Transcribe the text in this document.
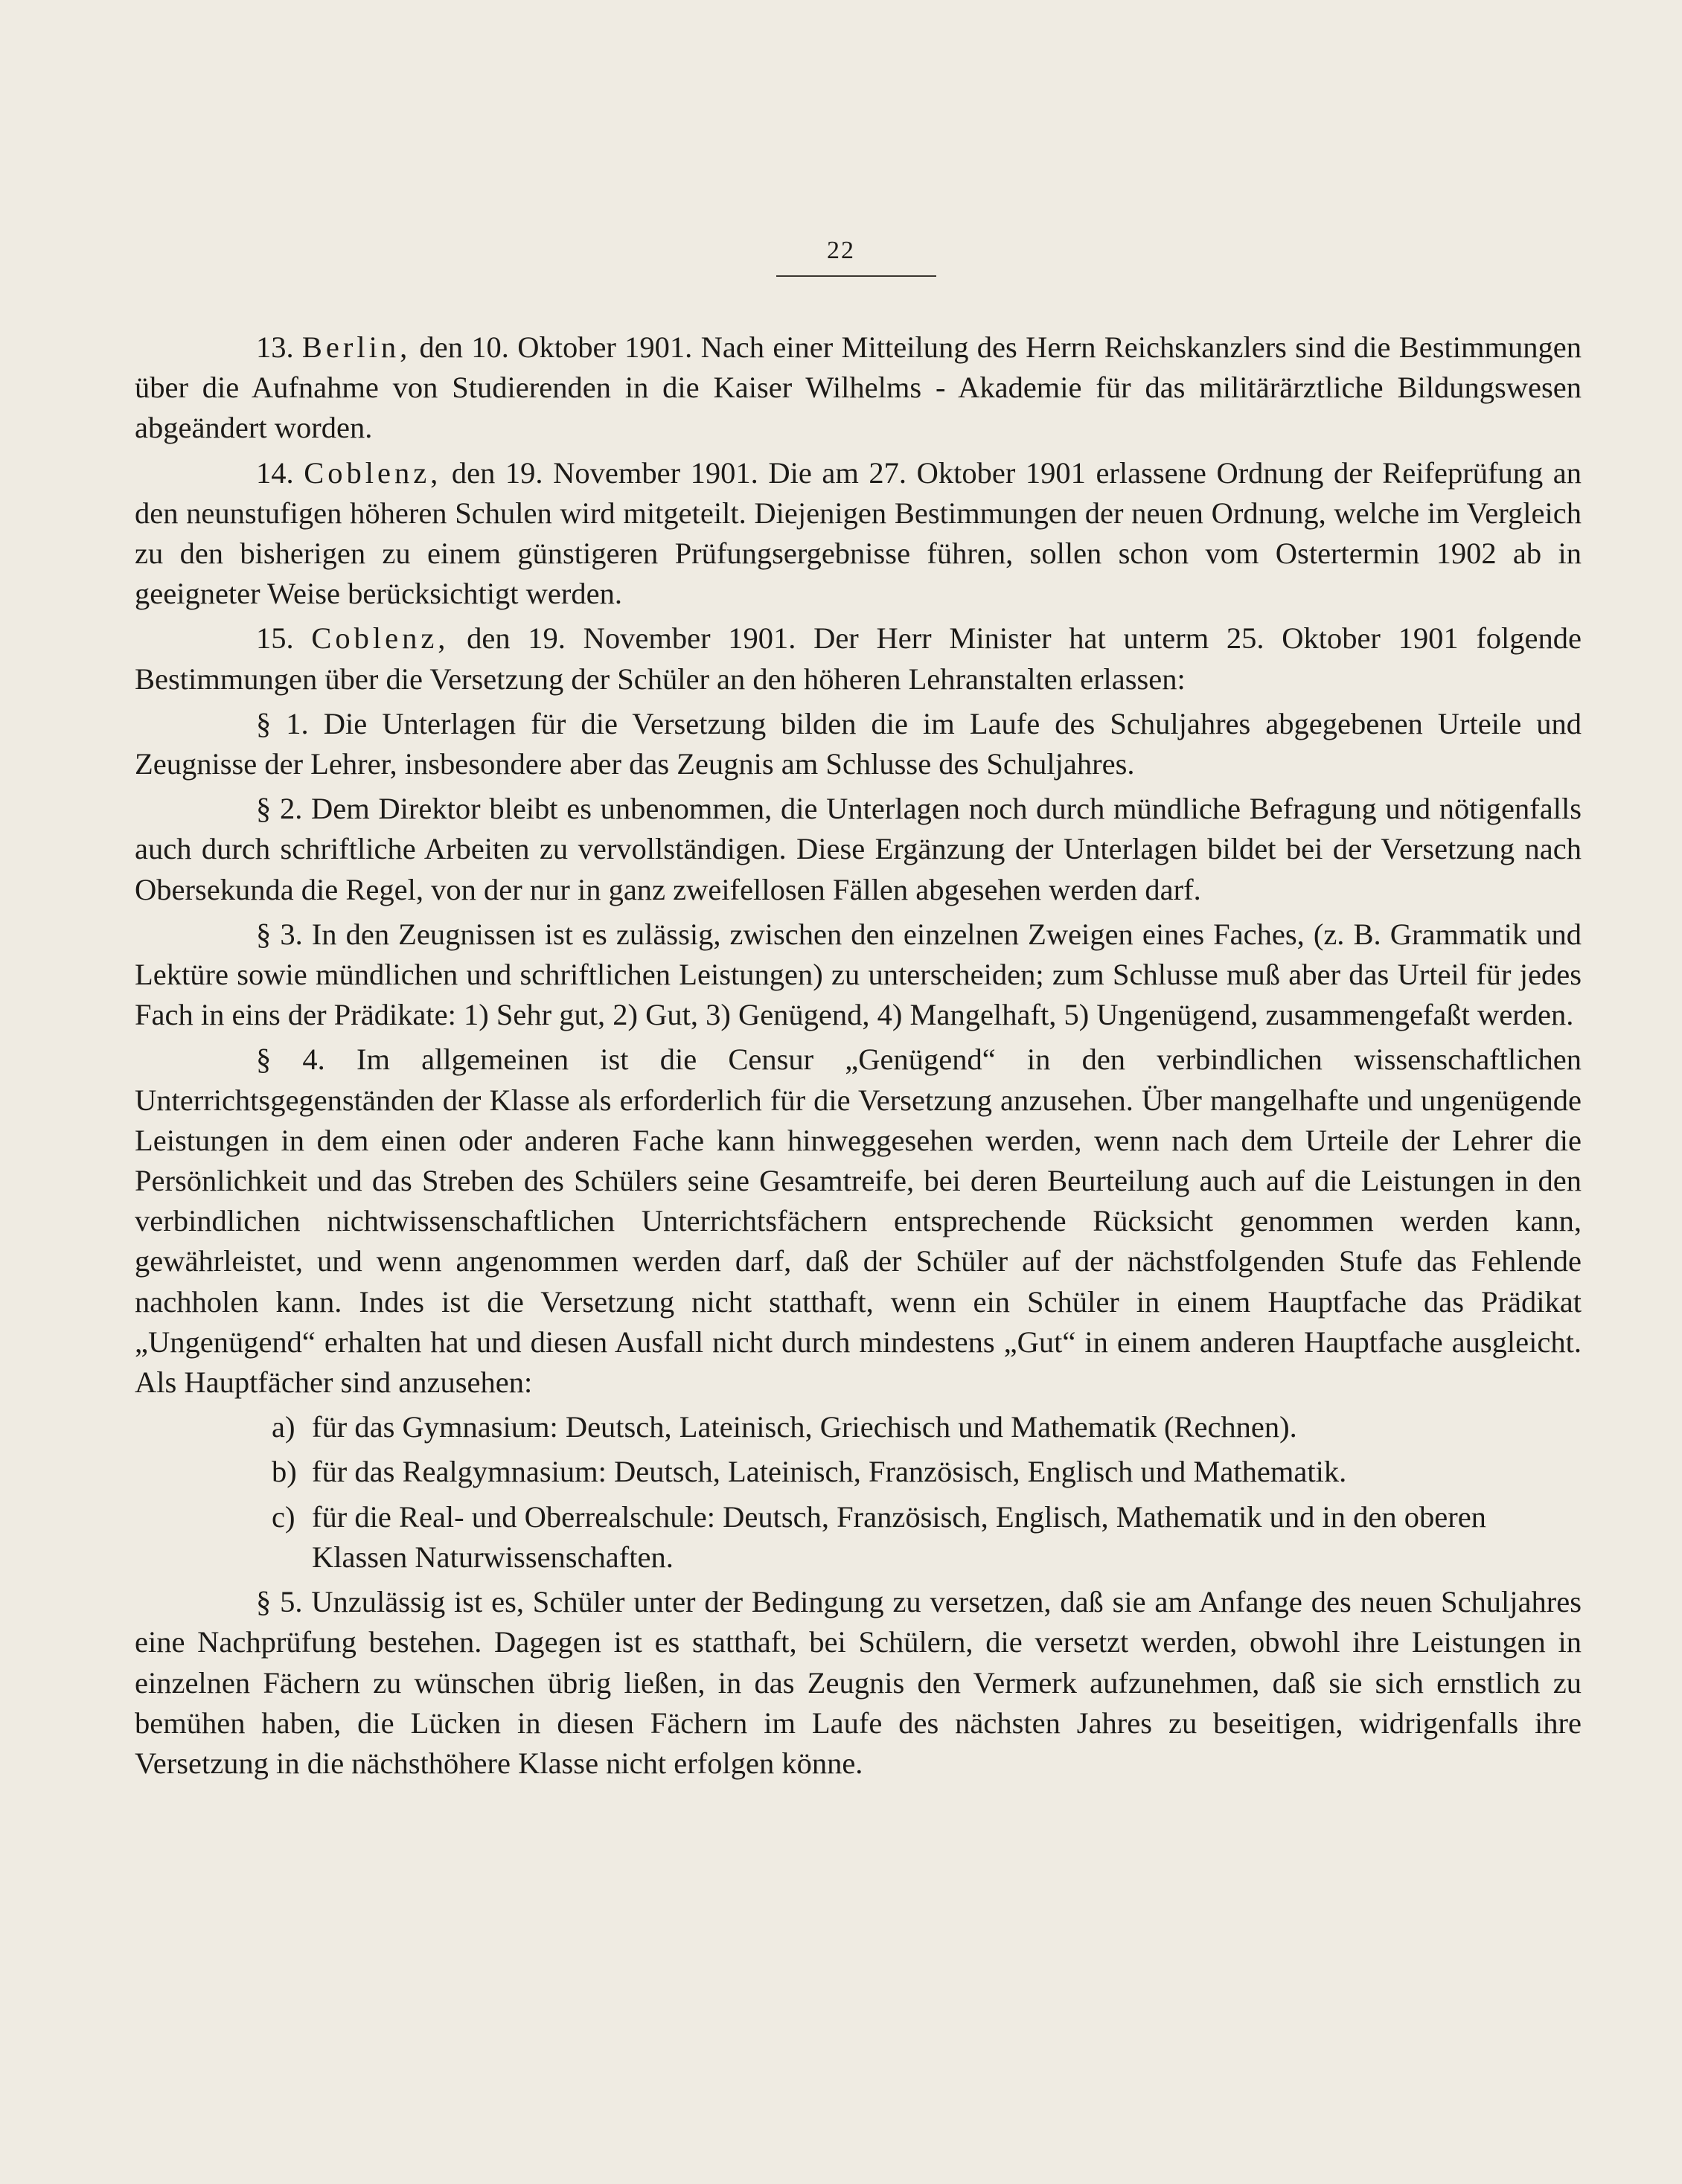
22

13. Berlin, den 10. Oktober 1901. Nach einer Mitteilung des Herrn Reichskanzlers sind die Bestimmungen über die Aufnahme von Studierenden in die Kaiser Wilhelms - Akademie für das militärärztliche Bildungswesen abgeändert worden.

14. Coblenz, den 19. November 1901. Die am 27. Oktober 1901 erlassene Ordnung der Reifeprüfung an den neunstufigen höheren Schulen wird mitgeteilt. Diejenigen Bestimmungen der neuen Ordnung, welche im Vergleich zu den bisherigen zu einem günstigeren Prüfungsergebnisse führen, sollen schon vom Ostertermin 1902 ab in geeigneter Weise berücksichtigt werden.

15. Coblenz, den 19. November 1901. Der Herr Minister hat unterm 25. Oktober 1901 folgende Bestimmungen über die Versetzung der Schüler an den höheren Lehranstalten erlassen:

§ 1. Die Unterlagen für die Versetzung bilden die im Laufe des Schuljahres abgegebenen Urteile und Zeugnisse der Lehrer, insbesondere aber das Zeugnis am Schlusse des Schuljahres.

§ 2. Dem Direktor bleibt es unbenommen, die Unterlagen noch durch mündliche Befragung und nötigenfalls auch durch schriftliche Arbeiten zu vervollständigen. Diese Ergänzung der Unterlagen bildet bei der Versetzung nach Obersekunda die Regel, von der nur in ganz zweifellosen Fällen abgesehen werden darf.

§ 3. In den Zeugnissen ist es zulässig, zwischen den einzelnen Zweigen eines Faches, (z. B. Grammatik und Lektüre sowie mündlichen und schriftlichen Leistungen) zu unterscheiden; zum Schlusse muß aber das Urteil für jedes Fach in eins der Prädikate: 1) Sehr gut, 2) Gut, 3) Genügend, 4) Mangelhaft, 5) Ungenügend, zusammengefaßt werden.

§ 4. Im allgemeinen ist die Censur „Genügend“ in den verbindlichen wissenschaftlichen Unterrichtsgegenständen der Klasse als erforderlich für die Versetzung anzusehen. Über mangelhafte und ungenügende Leistungen in dem einen oder anderen Fache kann hinweggesehen werden, wenn nach dem Urteile der Lehrer die Persönlichkeit und das Streben des Schülers seine Gesamtreife, bei deren Beurteilung auch auf die Leistungen in den verbindlichen nichtwissenschaftlichen Unterrichtsfächern entsprechende Rücksicht genommen werden kann, gewährleistet, und wenn angenommen werden darf, daß der Schüler auf der nächstfolgenden Stufe das Fehlende nachholen kann. Indes ist die Versetzung nicht statthaft, wenn ein Schüler in einem Hauptfache das Prädikat „Ungenügend“ erhalten hat und diesen Ausfall nicht durch mindestens „Gut“ in einem anderen Hauptfache ausgleicht. Als Hauptfächer sind anzusehen:

a) für das Gymnasium: Deutsch, Lateinisch, Griechisch und Mathematik (Rechnen).

b) für das Realgymnasium: Deutsch, Lateinisch, Französisch, Englisch und Mathematik.

c) für die Real- und Oberrealschule: Deutsch, Französisch, Englisch, Mathematik und in den oberen Klassen Naturwissenschaften.

§ 5. Unzulässig ist es, Schüler unter der Bedingung zu versetzen, daß sie am Anfange des neuen Schuljahres eine Nachprüfung bestehen. Dagegen ist es statthaft, bei Schülern, die versetzt werden, obwohl ihre Leistungen in einzelnen Fächern zu wünschen übrig ließen, in das Zeugnis den Vermerk aufzunehmen, daß sie sich ernstlich zu bemühen haben, die Lücken in diesen Fächern im Laufe des nächsten Jahres zu beseitigen, widrigenfalls ihre Versetzung in die nächsthöhere Klasse nicht erfolgen könne.
